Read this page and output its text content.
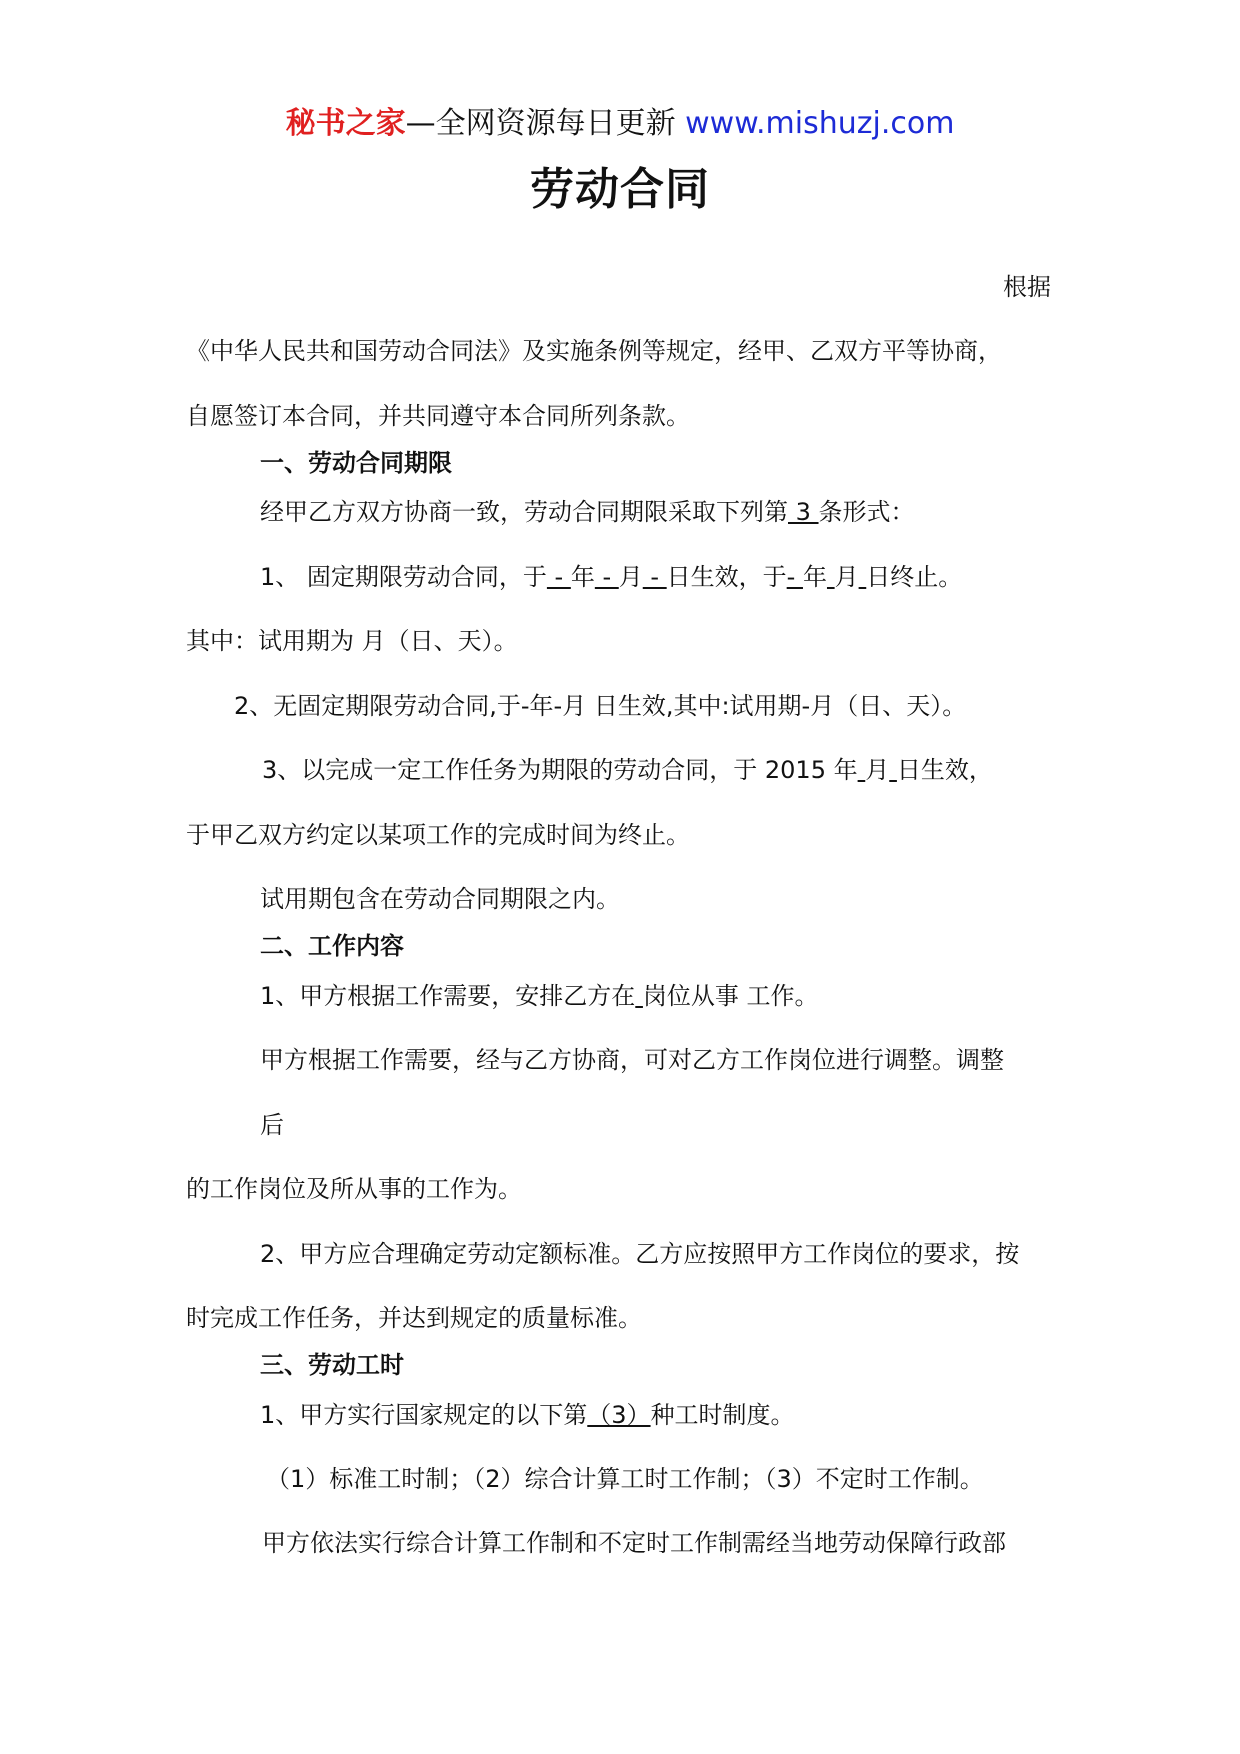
秘书之家—全网资源每日更新 www.mishuzj.com
劳动合同
根据
《中华人民共和国劳动合同法》及实施条例等规定，经甲、乙双方平等协商，
自愿签订本合同，并共同遵守本合同所列条款。
一、劳动合同期限
经甲乙方双方协商一致，劳动合同期限采取下列第 3 条形式：
1、 固定期限劳动合同，于 - 年 - 月 - 日生效，于- 年 月 日终止。
其中：试用期为 月（日、天）。
2、无固定期限劳动合同,于-年-月 日生效,其中:试用期-月（日、天）。
3、以完成一定工作任务为期限的劳动合同，于 2015 年 月 日生效，
于甲乙双方约定以某项工作的完成时间为终止。
试用期包含在劳动合同期限之内。
二、工作内容
1、甲方根据工作需要，安排乙方在 岗位从事 工作。
甲方根据工作需要，经与乙方协商，可对乙方工作岗位进行调整。调整
后
的工作岗位及所从事的工作为。
2、甲方应合理确定劳动定额标准。乙方应按照甲方工作岗位的要求，按
时完成工作任务，并达到规定的质量标准。
三、劳动工时
1、甲方实行国家规定的以下第（3）种工时制度。
（1）标准工时制；（2）综合计算工时工作制；（3）不定时工作制。
甲方依法实行综合计算工作制和不定时工作制需经当地劳动保障行政部
